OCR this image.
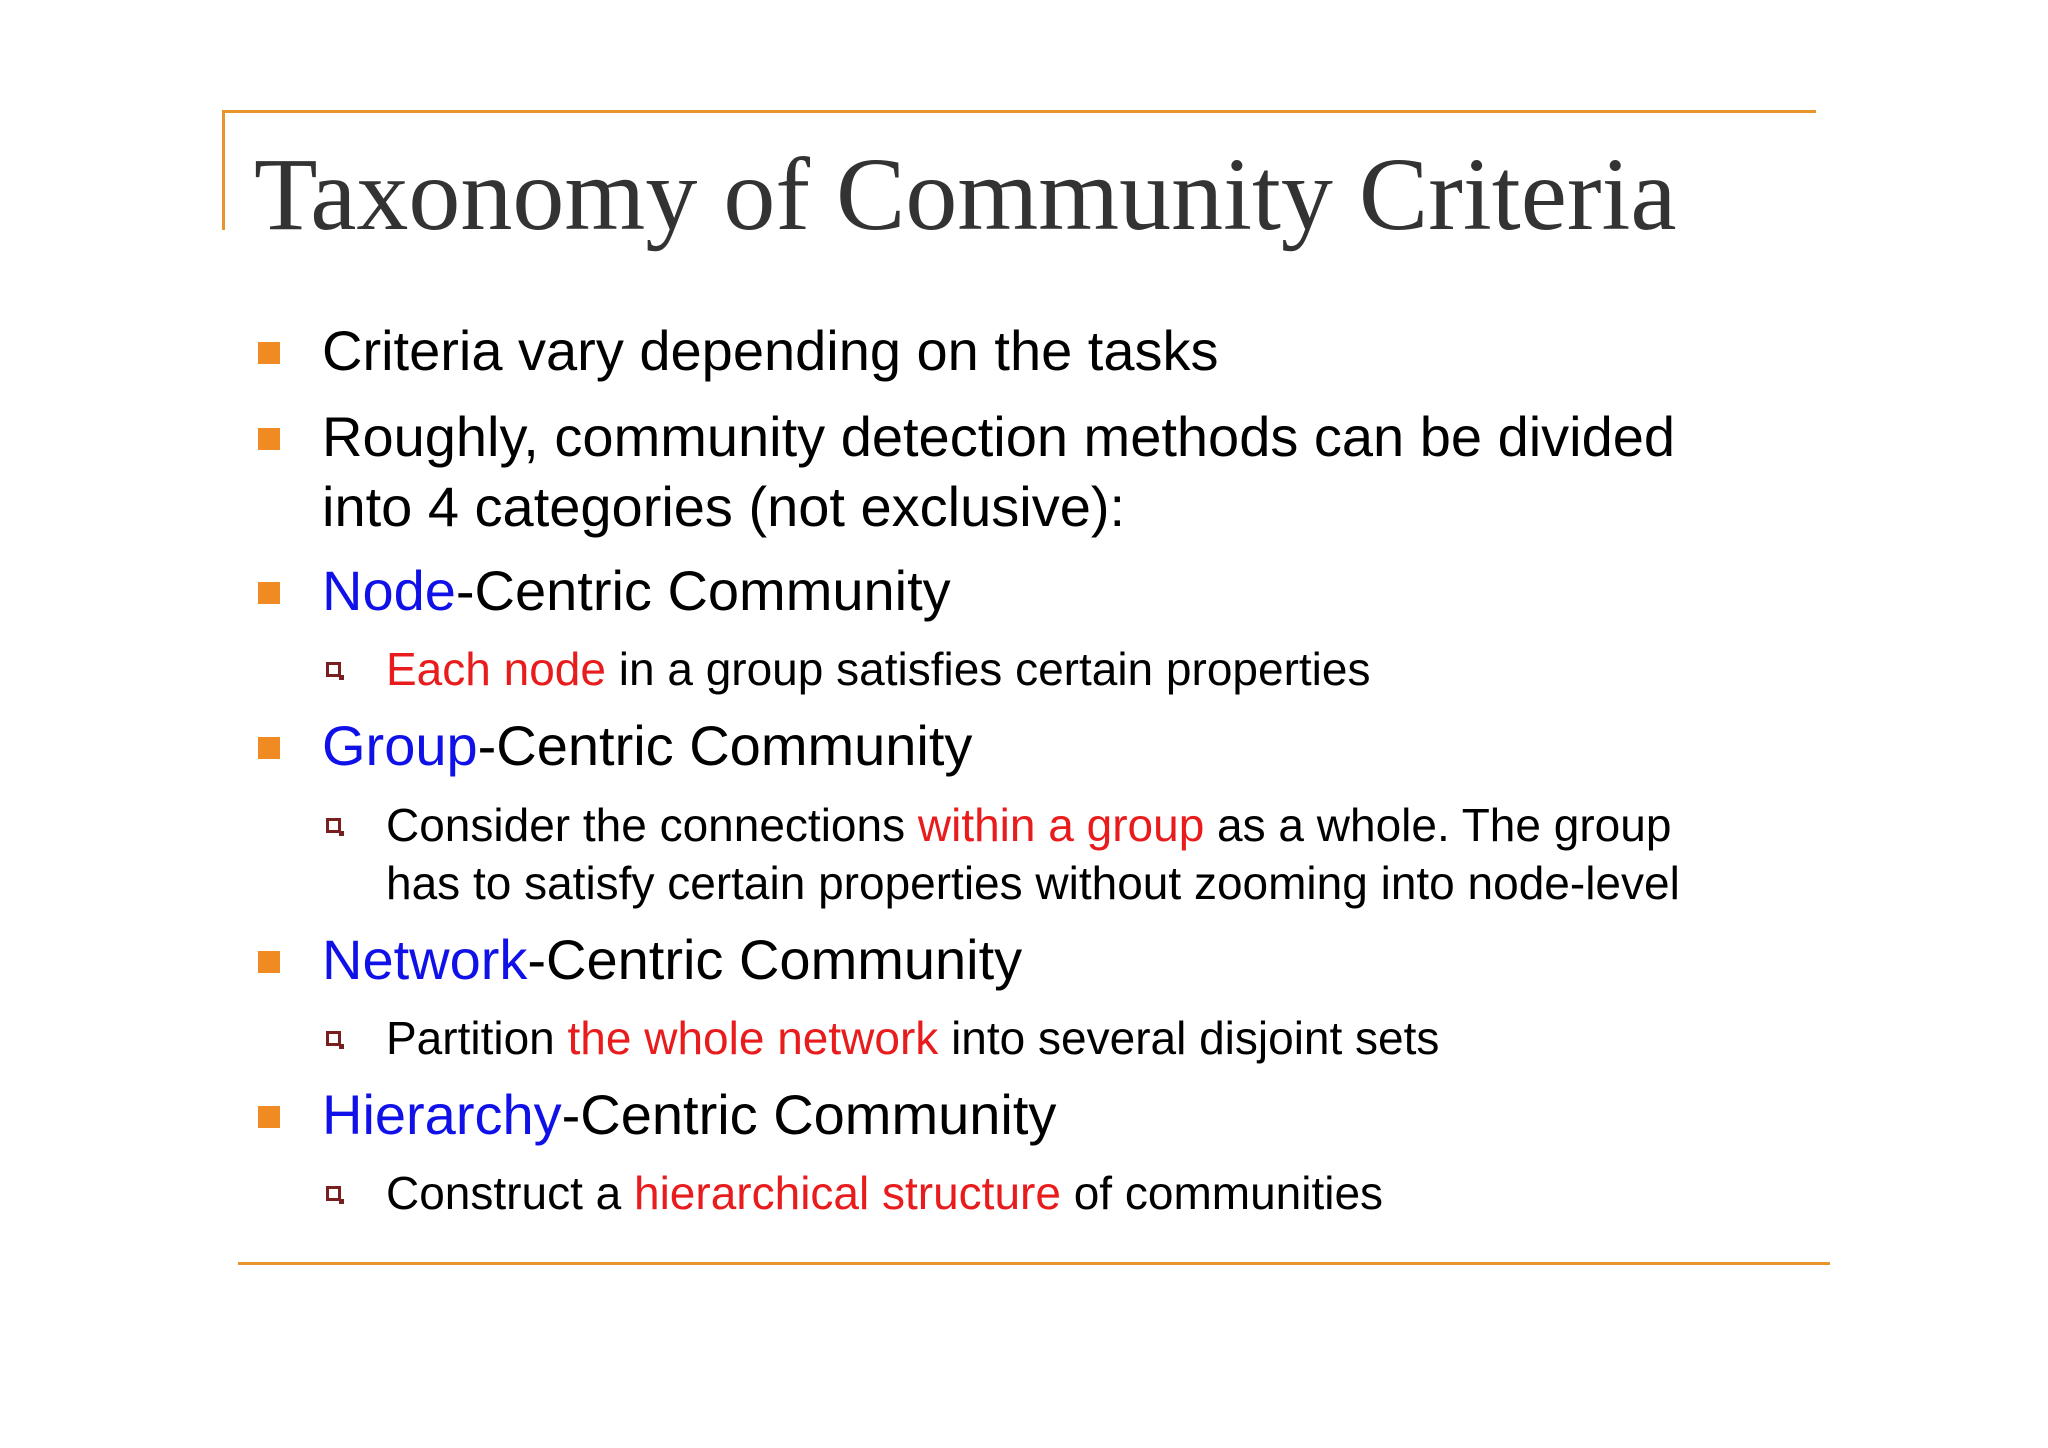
Taxonomy of Community Criteria
Criteria vary depending on the tasks
Roughly, community detection methods can be divided
into 4 categories (not exclusive):
Node-Centric Community
Each node in a group satisfies certain properties
Group-Centric Community
Consider the connections within a group as a whole. The group
has to satisfy certain properties without zooming into node-level
Network-Centric Community
Partition the whole network into several disjoint sets
Hierarchy-Centric Community
Construct a hierarchical structure of communities
